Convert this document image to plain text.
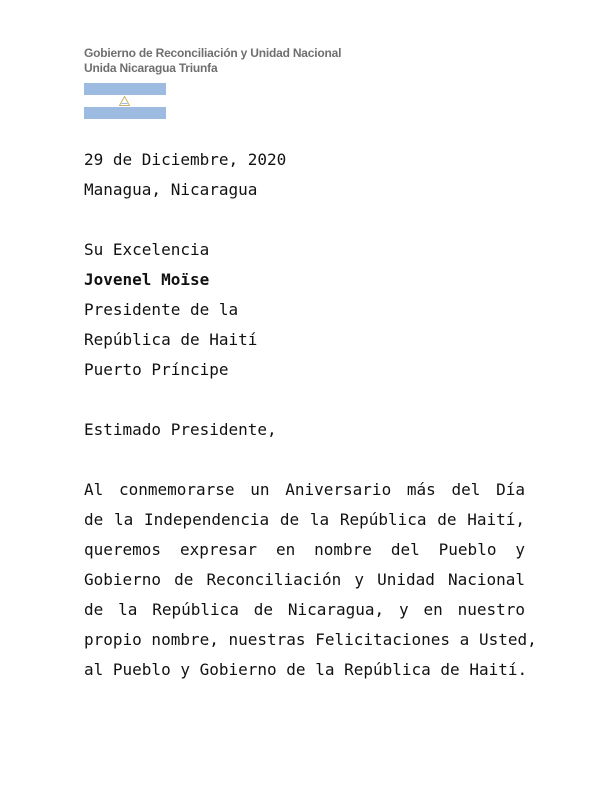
Gobierno de Reconciliación y Unidad Nacional
Unida Nicaragua Triunfa
29 de Diciembre, 2020
Managua, Nicaragua
Su Excelencia
Jovenel Moïse
Presidente de la
República de Haití
Puerto Príncipe
Estimado Presidente,
Al conmemorarse un Aniversario más del Día
de la Independencia de la República de Haití,
queremos expresar en nombre del Pueblo y
Gobierno de Reconciliación y Unidad Nacional
de la República de Nicaragua, y en nuestro
propio nombre, nuestras Felicitaciones a Usted,
al Pueblo y Gobierno de la República de Haití.
